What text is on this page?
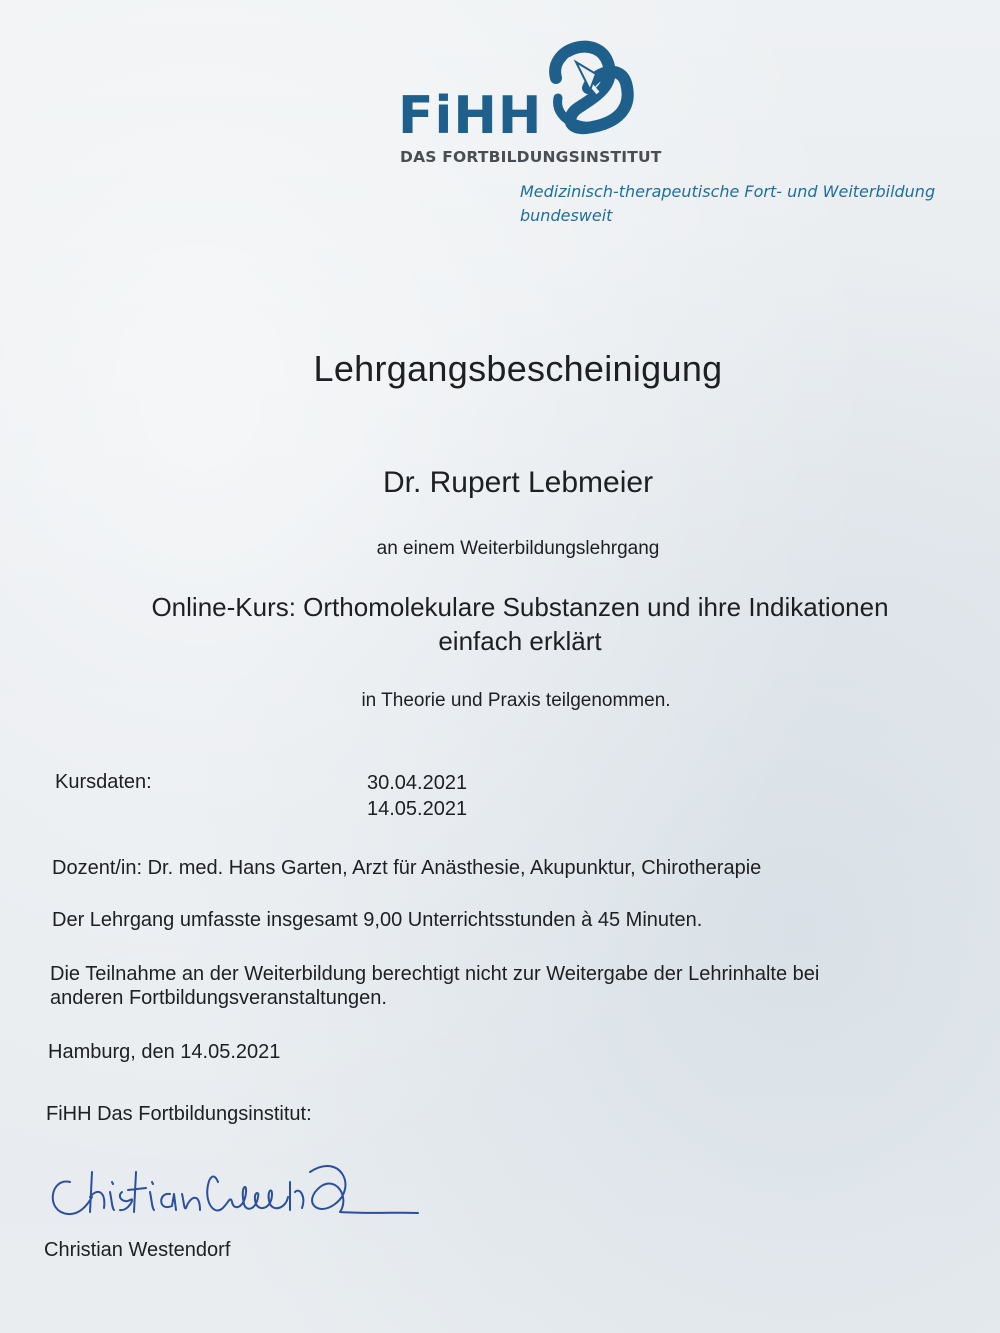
FiHH
DAS FORTBILDUNGSINSTITUT
Medizinisch-therapeutische Fort- und Weiterbildung
bundesweit
Lehrgangsbescheinigung
Dr. Rupert Lebmeier
an einem Weiterbildungslehrgang
Online-Kurs: Orthomolekulare Substanzen und ihre Indikationen
einfach erklärt
in Theorie und Praxis teilgenommen.
Kursdaten:	30.04.2021
14.05.2021
Dozent/in: Dr. med. Hans Garten, Arzt für Anästhesie, Akupunktur, Chirotherapie
Der Lehrgang umfasste insgesamt 9,00 Unterrichtsstunden à 45 Minuten.
Die Teilnahme an der Weiterbildung berechtigt nicht zur Weitergabe der Lehrinhalte bei
anderen Fortbildungsveranstaltungen.
Hamburg, den 14.05.2021
FiHH Das Fortbildungsinstitut:
Christian Westendorf
